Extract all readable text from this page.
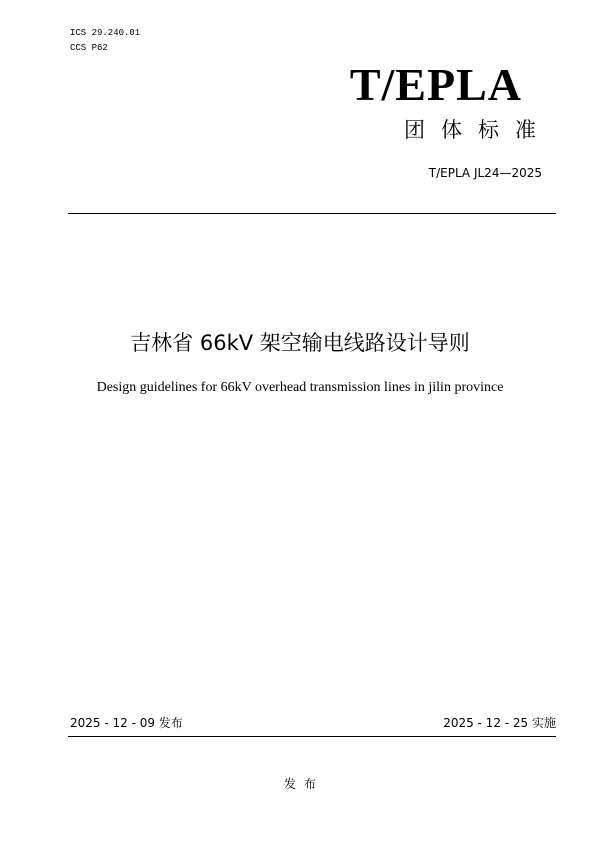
ICS 29.240.01
CCS P62
T/EPLA
团体标准
T/EPLA JL24—2025
吉林省 66kV 架空输电线路设计导则
Design guidelines for 66kV overhead transmission lines in jilin province
2025 - 12 - 09 发布	2025 - 12 - 25 实施
发布
